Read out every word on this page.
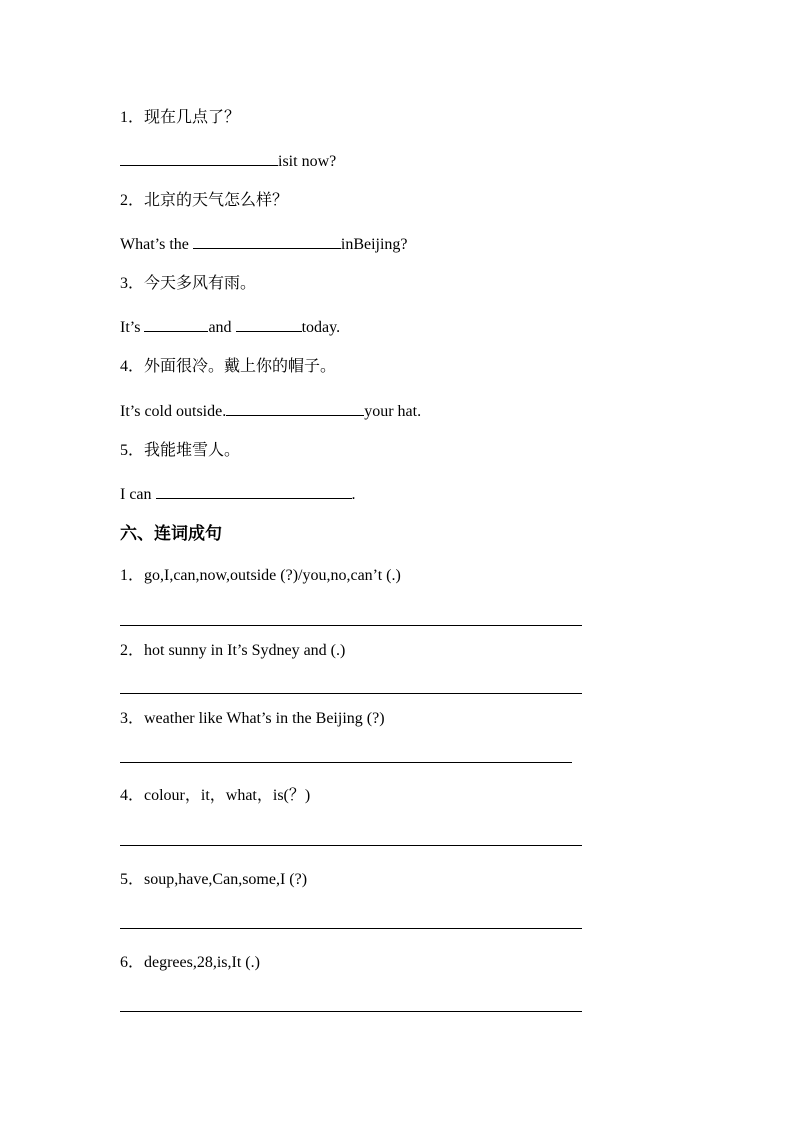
1．现在几点了？
isit now?
2．北京的天气怎么样？
What’s the	inBeijing?
3．今天多风有雨。
It’s	and	today.
4．外面很冷。戴上你的帽子。
It’s cold outside.	your hat.
5．我能堆雪人。
I can	.
六、连词成句
1．go,I,can,now,outside (?)/you,no,can’t (.)
2．hot sunny in It’s Sydney and (.)
3．weather like What’s in the Beijing (?)
4．colour，it，what，is(？)
5．soup,have,Can,some,I (?)
6．degrees,28,is,It (.)
